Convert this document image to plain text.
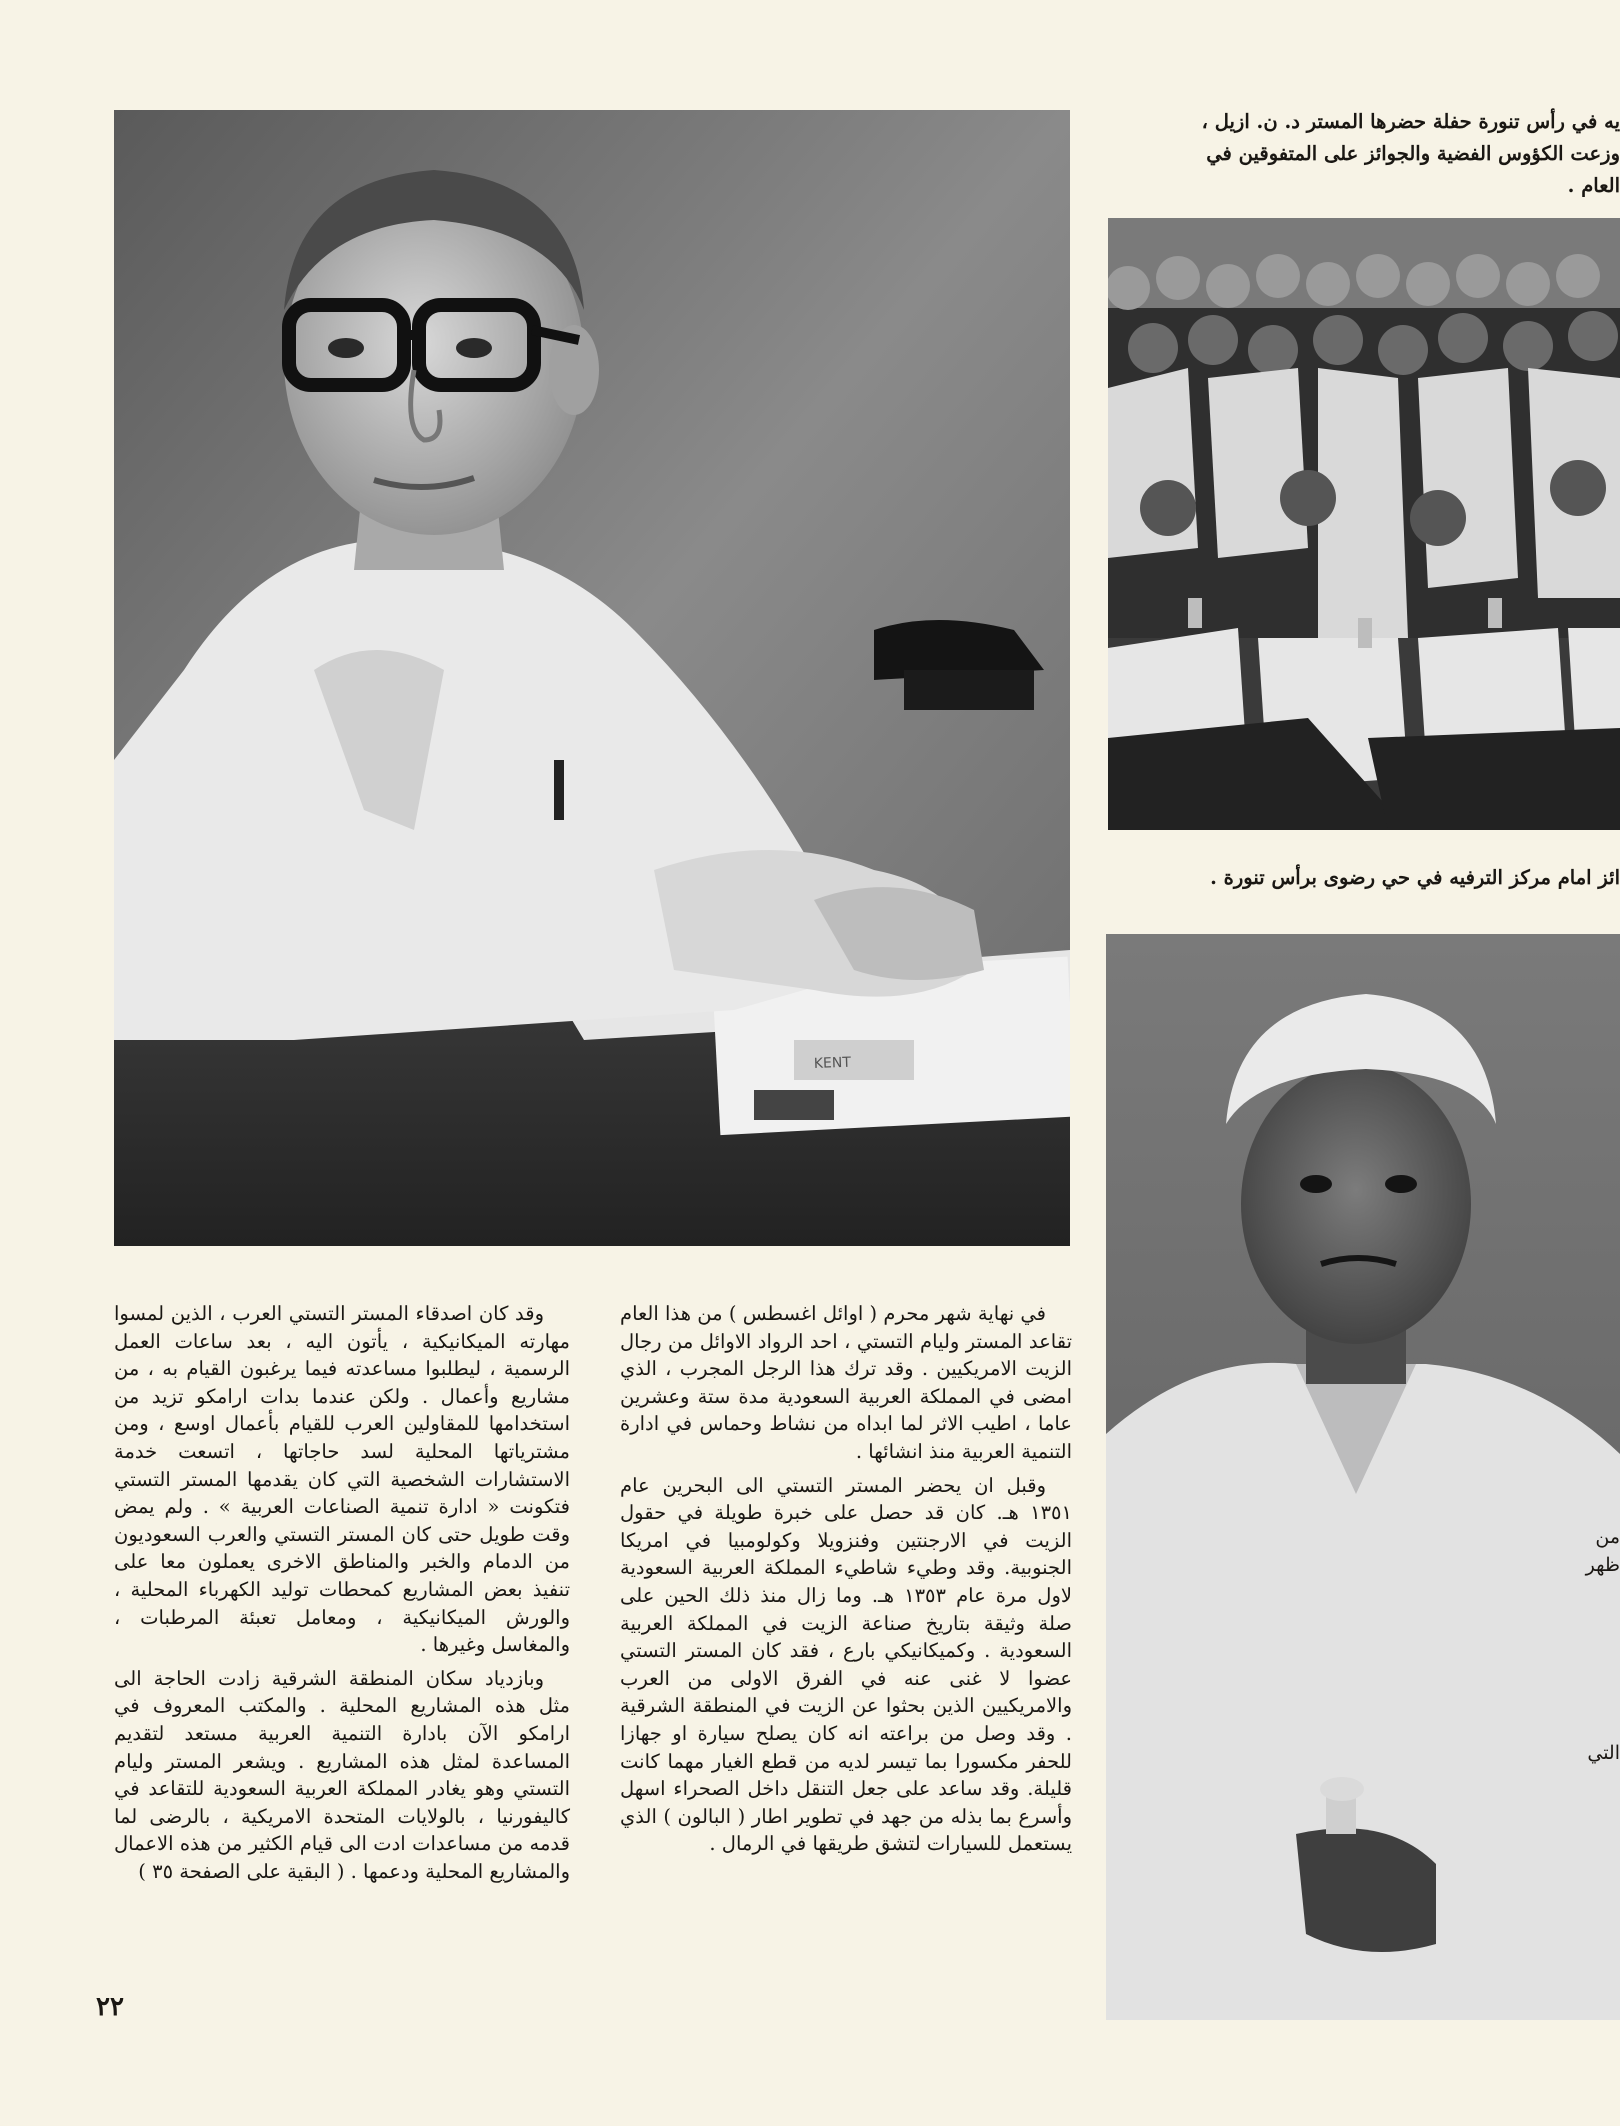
KENT
يه في رأس تنورة حفلة حضرها المستر د. ن. ازيل ،
وزعت الكؤوس الفضية والجوائز على المتفوقين في
العام .
ائز امام مركز الترفيه في حي رضوى برأس تنورة .

في نهاية شهر محرم ( اوائل اغسطس ) من هذا العام تقاعد المستر وليام التستي ، احد الرواد الاوائل من رجال الزيت الامريكيين . وقد ترك هذا الرجل المجرب ، الذي امضى في المملكة العربية السعودية مدة ستة وعشرين عاما ، اطيب الاثر لما ابداه من نشاط وحماس في ادارة التنمية العربية منذ انشائها .

وقبل ان يحضر المستر التستي الى البحرين عام ١٣٥١ هـ. كان قد حصل على خبرة طويلة في حقول الزيت في الارجنتين وفنزويلا وكولومبيا في امريكا الجنوبية. وقد وطيء شاطيء المملكة العربية السعودية لاول مرة عام ١٣٥٣ هـ. وما زال منذ ذلك الحين على صلة وثيقة بتاريخ صناعة الزيت في المملكة العربية السعودية . وكميكانيكي بارع ، فقد كان المستر التستي عضوا لا غنى عنه في الفرق الاولى من العرب والامريكيين الذين بحثوا عن الزيت في المنطقة الشرقية . وقد وصل من براعته انه كان يصلح سيارة او جهازا للحفر مكسورا بما تيسر لديه من قطع الغيار مهما كانت قليلة. وقد ساعد على جعل التنقل داخل الصحراء اسهل وأسرع بما بذله من جهد في تطوير اطار ( البالون ) الذي يستعمل للسيارات لتشق طريقها في الرمال .

وقد كان اصدقاء المستر التستي العرب ، الذين لمسوا مهارته الميكانيكية ، يأتون اليه ، بعد ساعات العمل الرسمية ، ليطلبوا مساعدته فيما يرغبون القيام به ، من مشاريع وأعمال . ولكن عندما بدات ارامكو تزيد من استخدامها للمقاولين العرب للقيام بأعمال اوسع ، ومن مشترياتها المحلية لسد حاجاتها ، اتسعت خدمة الاستشارات الشخصية التي كان يقدمها المستر التستي فتكونت « ادارة تنمية الصناعات العربية » . ولم يمض وقت طويل حتى كان المستر التستي والعرب السعوديون من الدمام والخبر والمناطق الاخرى يعملون معا على تنفيذ بعض المشاريع كمحطات توليد الكهرباء المحلية ، والورش الميكانيكية ، ومعامل تعبئة المرطبات ، والمغاسل وغيرها .

وبازدياد سكان المنطقة الشرقية زادت الحاجة الى مثل هذه المشاريع المحلية . والمكتب المعروف في ارامكو الآن بادارة التنمية العربية مستعد لتقديم المساعدة لمثل هذه المشاريع . ويشعر المستر وليام التستي وهو يغادر المملكة العربية السعودية للتقاعد في كاليفورنيا ، بالولايات المتحدة الامريكية ، بالرضى لما قدمه من مساعدات ادت الى قيام الكثير من هذه الاعمال والمشاريع المحلية ودعمها . ( البقية على الصفحة ٣٥ )

من
ظهر
التي
٢٢
